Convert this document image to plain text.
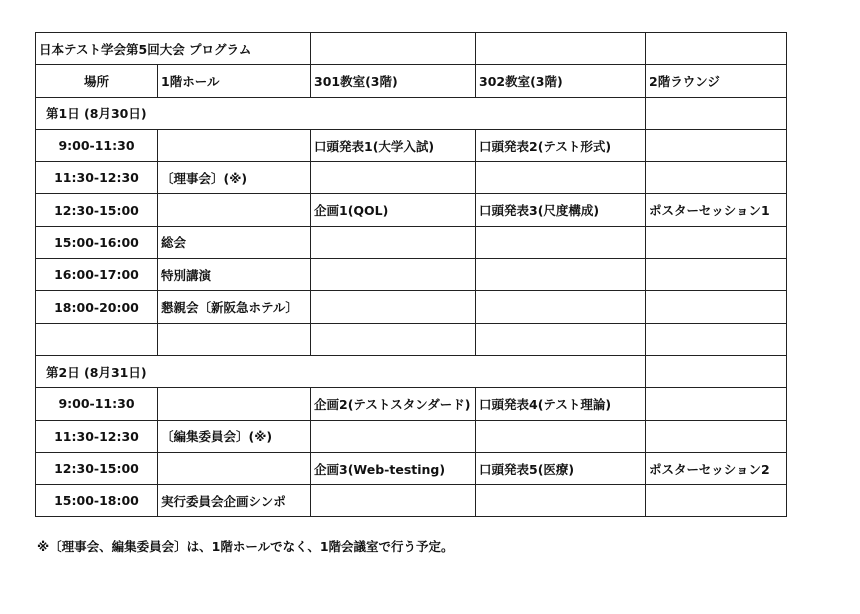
日本テスト学会第5回大会 プログラム				
場所	1階ホール	301教室(3階)	302教室(3階)	2階ラウンジ
第1日 (8月30日)				
9:00-11:30		口頭発表1(大学入試)	口頭発表2(テスト形式)	
11:30-12:30	〔理事会〕(※)			
12:30-15:00		企画1(QOL)	口頭発表3(尺度構成)	ポスターセッション1
15:00-16:00	総会			
16:00-17:00	特別講演			
18:00-20:00	懇親会〔新阪急ホテル〕			

第2日 (8月31日)				
9:00-11:30		企画2(テストスタンダード)	口頭発表4(テスト理論)	
11:30-12:30	〔編集委員会〕(※)			
12:30-15:00		企画3(Web-testing)	口頭発表5(医療)	ポスターセッション2
15:00-18:00	実行委員会企画シンポ			
※〔理事会、編集委員会〕は、1階ホールでなく、1階会議室で行う予定。
